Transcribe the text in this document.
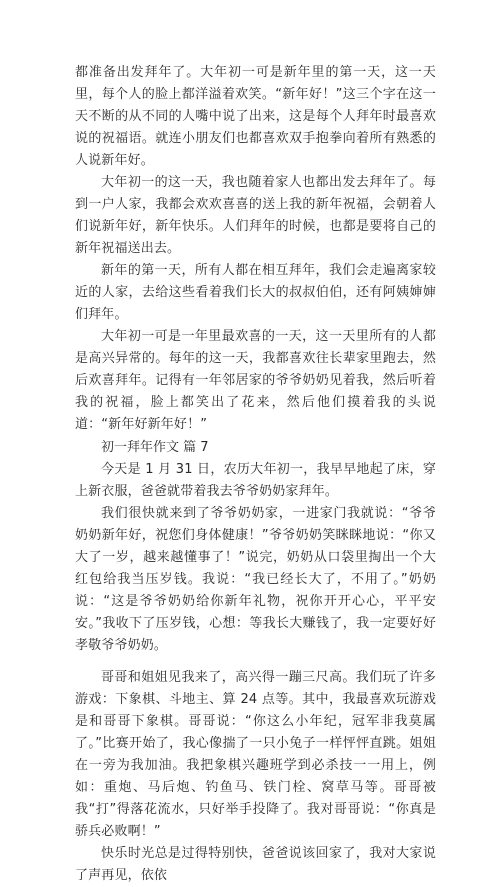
都准备出发拜年了。大年初一可是新年里的第一天，这一天里，每个人的脸上都洋溢着欢笑。“新年好！”这三个字在这一天不断的从不同的人嘴中说了出来，这是每个人拜年时最喜欢说的祝福语。就连小朋友们也都喜欢双手抱拳向着所有熟悉的人说新年好。

大年初一的这一天，我也随着家人也都出发去拜年了。每到一户人家，我都会欢欢喜喜的送上我的新年祝福，会朝着人们说新年好，新年快乐。人们拜年的时候，也都是要将自己的新年祝福送出去。

新年的第一天，所有人都在相互拜年，我们会走遍离家较近的人家，去给这些看着我们长大的叔叔伯伯，还有阿姨婶婶们拜年。

大年初一可是一年里最欢喜的一天，这一天里所有的人都是高兴异常的。每年的这一天，我都喜欢往长辈家里跑去，然后欢喜拜年。记得有一年邻居家的爷爷奶奶见着我，然后听着我的祝福，脸上都笑出了花来，然后他们摸着我的头说道：“新年好新年好！”

初一拜年作文 篇 7

今天是 1 月 31 日，农历大年初一，我早早地起了床，穿上新衣服，爸爸就带着我去爷爷奶奶家拜年。

我们很快就来到了爷爷奶奶家，一进家门我就说：“爷爷奶奶新年好，祝您们身体健康！”爷爷奶奶笑眯眯地说：“你又大了一岁，越来越懂事了！”说完，奶奶从口袋里掏出一个大红包给我当压岁钱。我说：“我已经长大了，不用了。”奶奶说：“这是爷爷奶奶给你新年礼物，祝你开开心心，平平安安。”我收下了压岁钱，心想：等我长大赚钱了，我一定要好好孝敬爷爷奶奶。

哥哥和姐姐见我来了，高兴得一蹦三尺高。我们玩了许多游戏：下象棋、斗地主、算 24 点等。其中，我最喜欢玩游戏是和哥哥下象棋。哥哥说：“你这么小年纪，冠军非我莫属了。”比赛开始了，我心像揣了一只小兔子一样怦怦直跳。姐姐在一旁为我加油。我把象棋兴趣班学到必杀技一一用上，例如：重炮、马后炮、钓鱼马、铁门栓、窝草马等。哥哥被我“打”得落花流水，只好举手投降了。我对哥哥说：“你真是骄兵必败啊！”

快乐时光总是过得特别快，爸爸说该回家了，我对大家说了声再见，依依
